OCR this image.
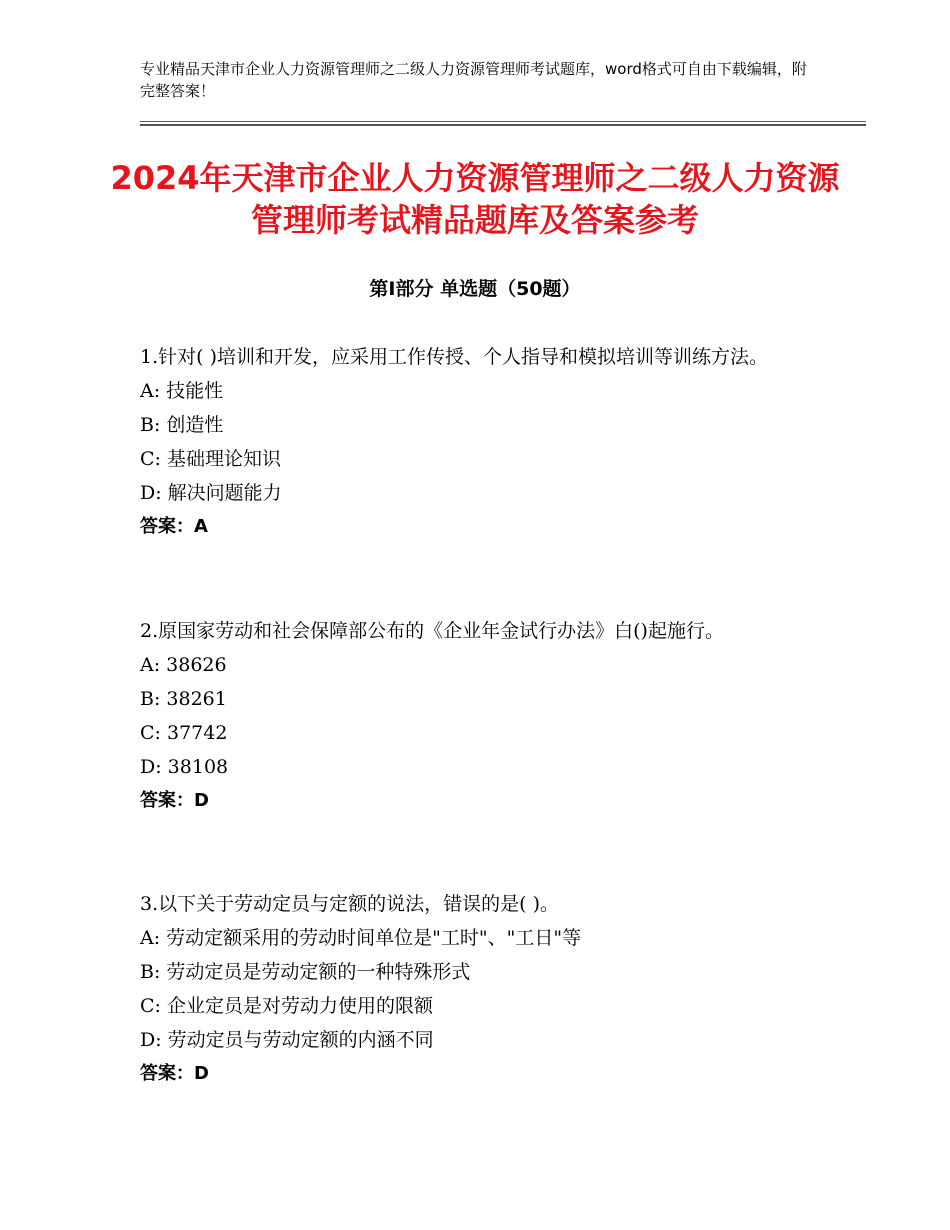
专业精品天津市企业人力资源管理师之二级人力资源管理师考试题库，word格式可自由下载编辑，附完整答案！
2024年天津市企业人力资源管理师之二级人力资源管理师考试精品题库及答案参考
第Ⅰ部分 单选题（50题）

1.针对( )培训和开发，应采用工作传授、个人指导和模拟培训等训练方法。

A: 技能性

B: 创造性

C: 基础理论知识

D: 解决问题能力

答案：A

2.原国家劳动和社会保障部公布的《企业年金试行办法》白()起施行。

A: 38626

B: 38261

C: 37742

D: 38108

答案：D

3.以下关于劳动定员与定额的说法，错误的是( )。

A: 劳动定额采用的劳动时间单位是"工时"、"工日"等

B: 劳动定员是劳动定额的一种特殊形式

C: 企业定员是对劳动力使用的限额

D: 劳动定员与劳动定额的内涵不同

答案：D
